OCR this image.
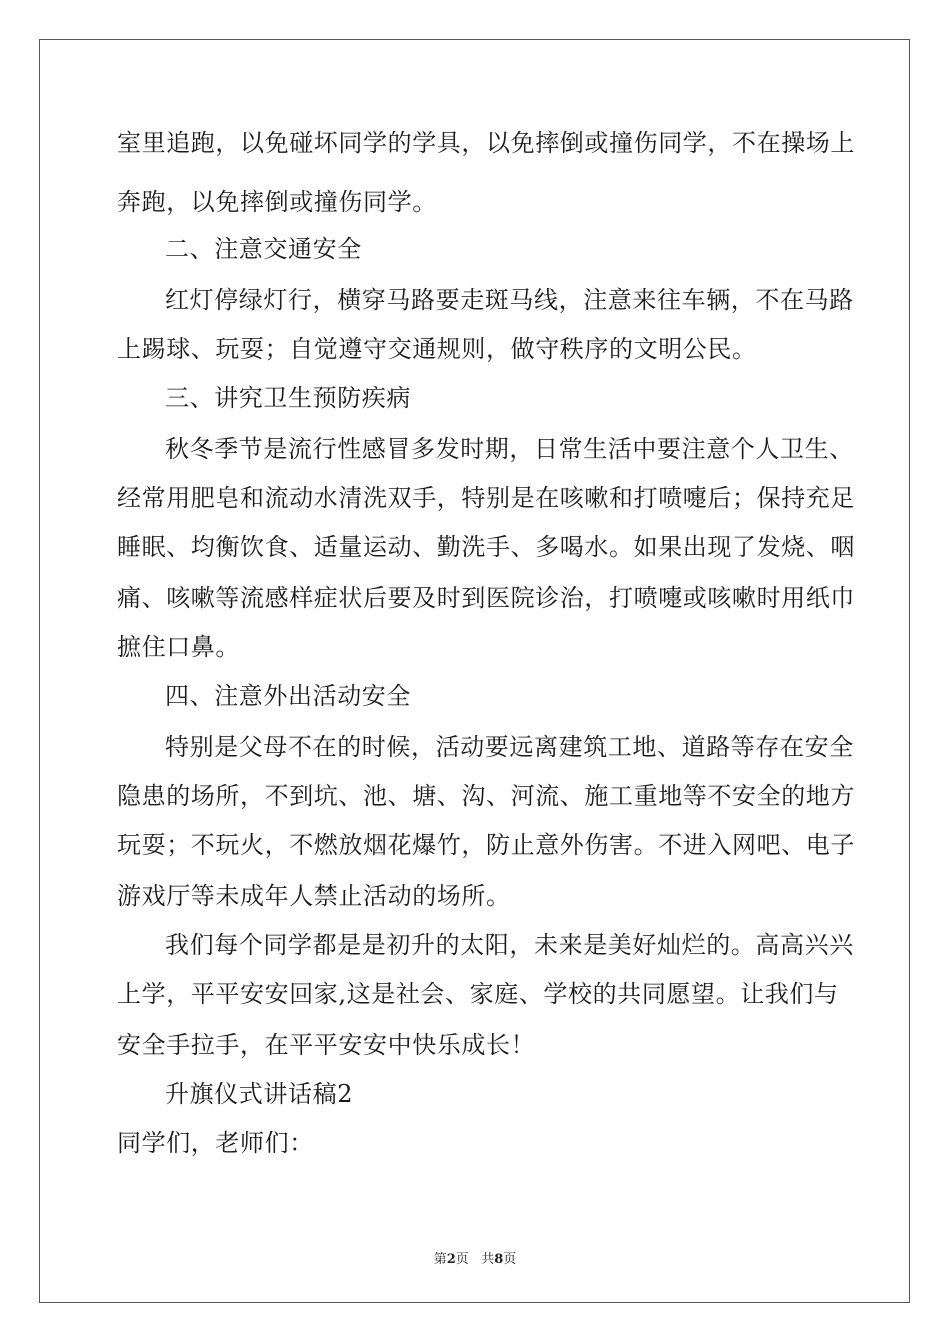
室里追跑，以免碰坏同学的学具，以免摔倒或撞伤同学，不在操场上
奔跑，以免摔倒或撞伤同学。
二、注意交通安全
红灯停绿灯行，横穿马路要走斑马线，注意来往车辆，不在马路
上踢球、玩耍；自觉遵守交通规则，做守秩序的文明公民。
三、讲究卫生预防疾病
秋冬季节是流行性感冒多发时期，日常生活中要注意个人卫生、
经常用肥皂和流动水清洗双手，特别是在咳嗽和打喷嚏后；保持充足
睡眠、均衡饮食、适量运动、勤洗手、多喝水。如果出现了发烧、咽
痛、咳嗽等流感样症状后要及时到医院诊治，打喷嚏或咳嗽时用纸巾
摭住口鼻。
四、注意外出活动安全
特别是父母不在的时候，活动要远离建筑工地、道路等存在安全
隐患的场所，不到坑、池、塘、沟、河流、施工重地等不安全的地方
玩耍；不玩火，不燃放烟花爆竹，防止意外伤害。不进入网吧、电子
游戏厅等未成年人禁止活动的场所。
我们每个同学都是是初升的太阳，未来是美好灿烂的。高高兴兴
上学，平平安安回家,这是社会、家庭、学校的共同愿望。让我们与
安全手拉手，在平平安安中快乐成长！
升旗仪式讲话稿2
同学们，老师们：
第2页 共8页
